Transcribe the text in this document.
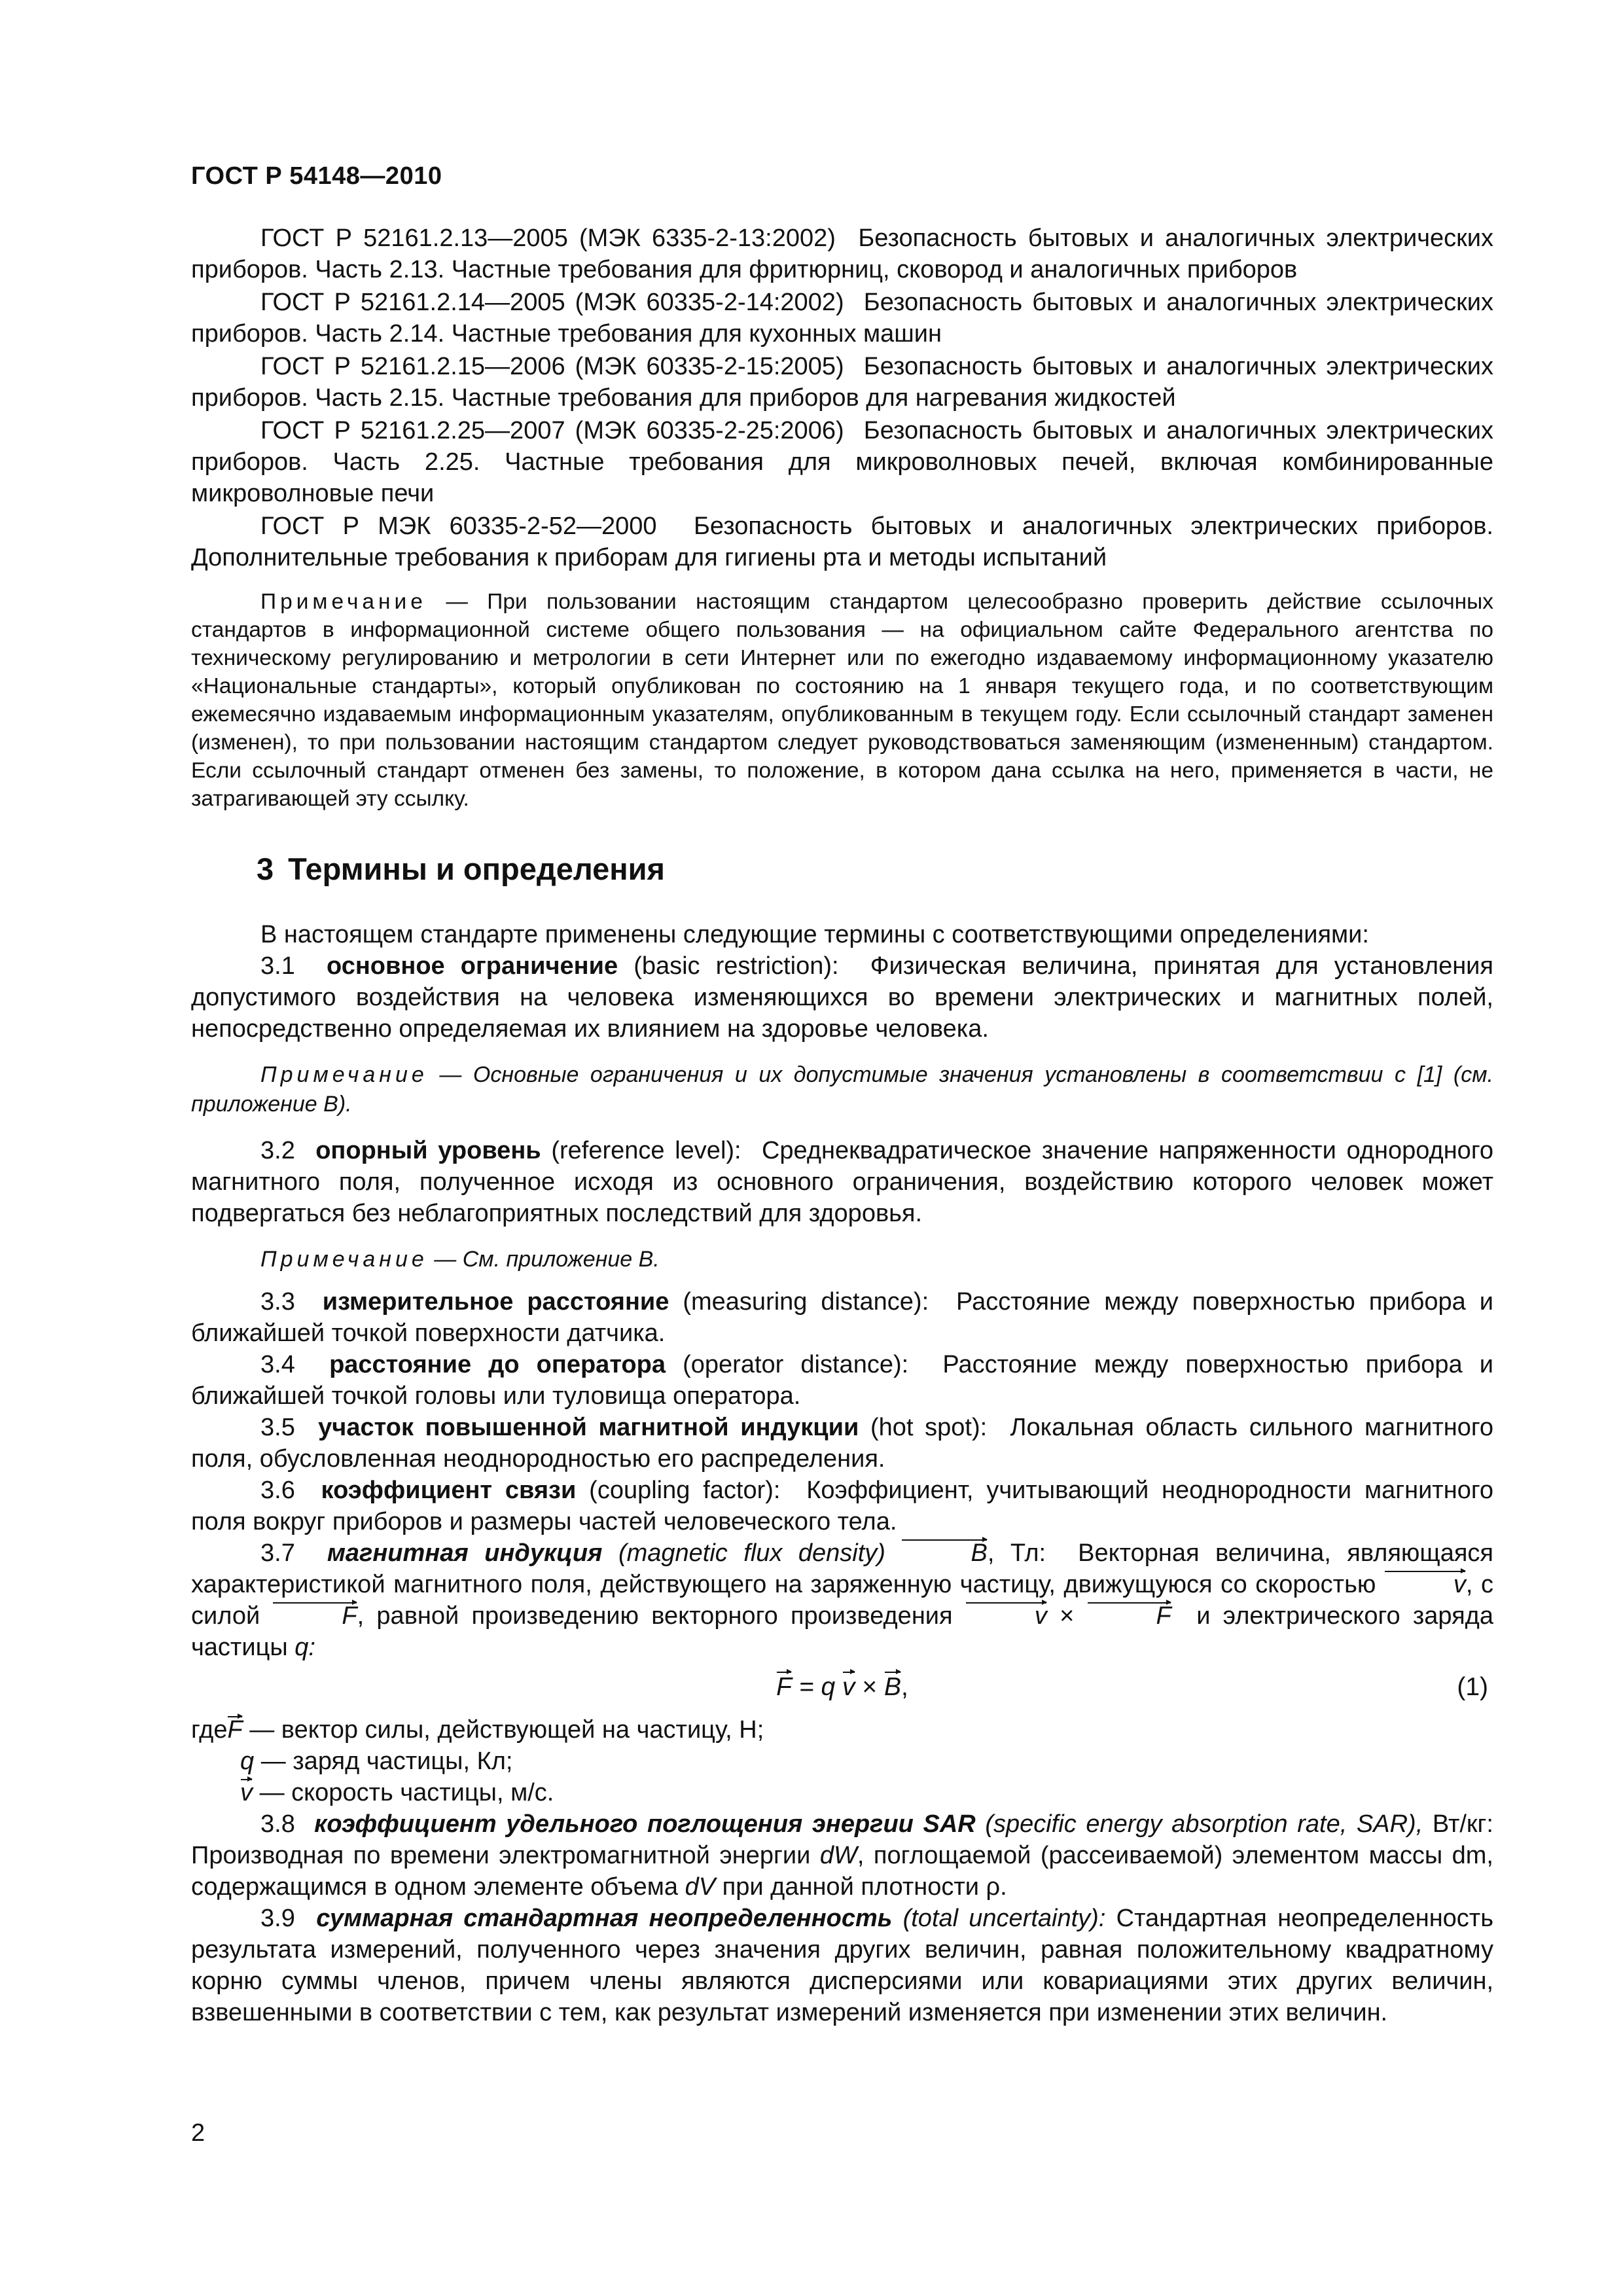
ГОСТ Р 54148—2010

ГОСТ Р 52161.2.13—2005 (МЭК 6335-2-13:2002) Безопасность бытовых и аналогичных электрических приборов. Часть 2.13. Частные требования для фритюрниц, сковород и аналогичных приборов

ГОСТ Р 52161.2.14—2005 (МЭК 60335-2-14:2002) Безопасность бытовых и аналогичных электрических приборов. Часть 2.14. Частные требования для кухонных машин

ГОСТ Р 52161.2.15—2006 (МЭК 60335-2-15:2005) Безопасность бытовых и аналогичных электрических приборов. Часть 2.15. Частные требования для приборов для нагревания жидкостей

ГОСТ Р 52161.2.25—2007 (МЭК 60335-2-25:2006) Безопасность бытовых и аналогичных электрических приборов. Часть 2.25. Частные требования для микроволновых печей, включая комбинированные микроволновые печи

ГОСТ Р МЭК 60335-2-52—2000 Безопасность бытовых и аналогичных электрических приборов. Дополнительные требования к приборам для гигиены рта и методы испытаний

Примечание — При пользовании настоящим стандартом целесообразно проверить действие ссылочных стандартов в информационной системе общего пользования — на официальном сайте Федерального агентства по техническому регулированию и метрологии в сети Интернет или по ежегодно издаваемому информационному указателю «Национальные стандарты», который опубликован по состоянию на 1 января текущего года, и по соответствующим ежемесячно издаваемым информационным указателям, опубликованным в текущем году. Если ссылочный стандарт заменен (изменен), то при пользовании настоящим стандартом следует руководствоваться заменяющим (измененным) стандартом. Если ссылочный стандарт отменен без замены, то положение, в котором дана ссылка на него, применяется в части, не затрагивающей эту ссылку.

3 Термины и определения

В настоящем стандарте применены следующие термины с соответствующими определениями:

3.1 основное ограничение (basic restriction): Физическая величина, принятая для установления допустимого воздействия на человека изменяющихся во времени электрических и магнитных полей, непосредственно определяемая их влиянием на здоровье человека.

Примечание — Основные ограничения и их допустимые значения установлены в соответствии с [1] (см. приложение В).

3.2 опорный уровень (reference level): Среднеквадратическое значение напряженности однородного магнитного поля, полученное исходя из основного ограничения, воздействию которого человек может подвергаться без неблагоприятных последствий для здоровья.

Примечание — См. приложение В.

3.3 измерительное расстояние (measuring distance): Расстояние между поверхностью прибора и ближайшей точкой поверхности датчика.

3.4 расстояние до оператора (operator distance): Расстояние между поверхностью прибора и ближайшей точкой головы или туловища оператора.

3.5 участок повышенной магнитной индукции (hot spot): Локальная область сильного магнитного поля, обусловленная неоднородностью его распределения.

3.6 коэффициент связи (coupling factor): Коэффициент, учитывающий неоднородности магнитного поля вокруг приборов и размеры частей человеческого тела.

3.7 магнитная индукция (magnetic flux density)	B, Тл: Векторная величина, являющаяся характеристикой магнитного поля, действующего на заряженную частицу, движущуюся со скоростью	v, с силой	F, равной произведению векторного произведения	v ×	F и электрического заряда частицы q:

F = q v × B,	(1)

гдеF — вектор силы, действующей на частицу, Н;

q — заряд частицы, Кл;

v — скорость частицы, м/с.

3.8 коэффициент удельного поглощения энергии SAR (specific energy absorption rate, SAR), Вт/кг: Производная по времени электромагнитной энергии dW, поглощаемой (рассеиваемой) элементом массы dm, содержащимся в одном элементе объема dV при данной плотности ρ.

3.9 суммарная стандартная неопределенность (total uncertainty): Стандартная неопределенность результата измерений, полученного через значения других величин, равная положительному квадратному корню суммы членов, причем члены являются дисперсиями или ковариациями этих других величин, взвешенными в соответствии с тем, как результат измерений изменяется при изменении этих величин.

2
